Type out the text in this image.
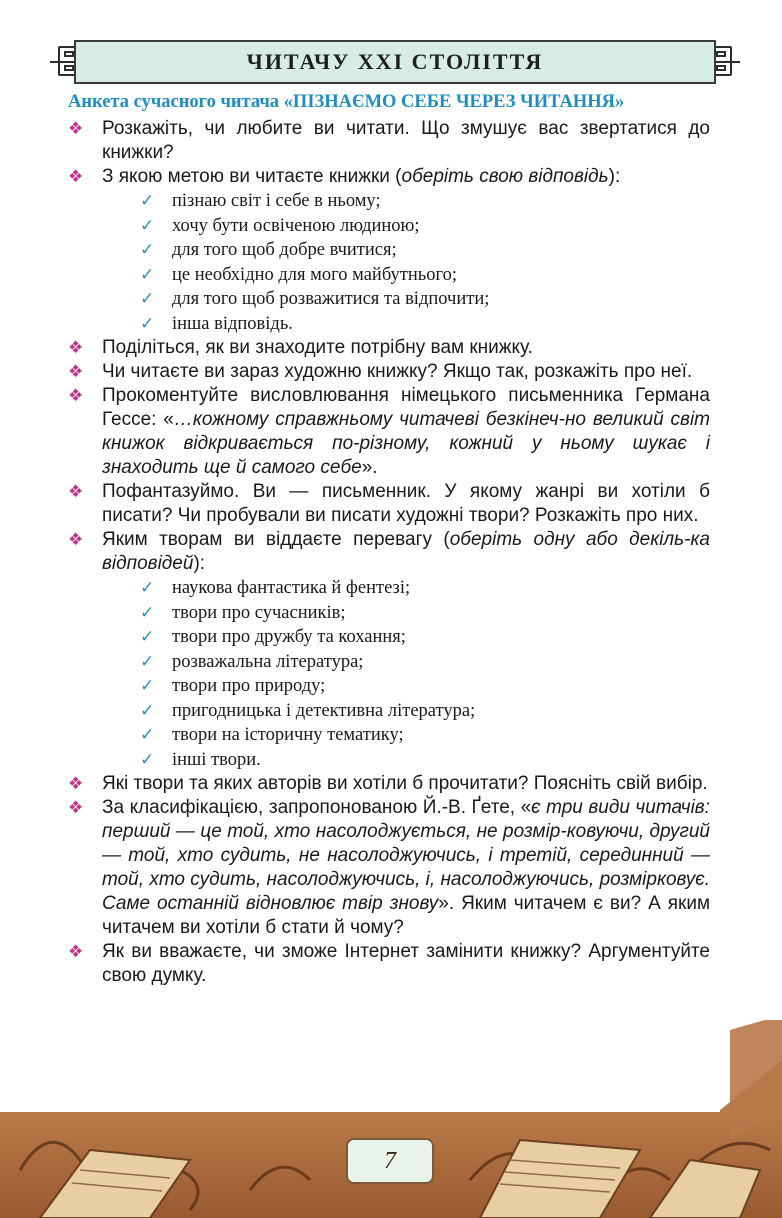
ЧИТАЧУ XXI СТОЛІТТЯ

Анкета сучасного читача «ПІЗНАЄМО СЕБЕ ЧЕРЕЗ ЧИТАННЯ»

❖ Розкажіть, чи любите ви читати. Що змушує вас звертатися до книжки?
❖ З якою метою ви читаєте книжки (оберіть свою відповідь):
✓ пізнаю світ і себе в ньому;
✓ хочу бути освіченою людиною;
✓ для того щоб добре вчитися;
✓ це необхідно для мого майбутнього;
✓ для того щоб розважитися та відпочити;
✓ інша відповідь.
❖ Поділіться, як ви знаходите потрібну вам книжку.
❖ Чи читаєте ви зараз художню книжку? Якщо так, розкажіть про неї.
❖ Прокоментуйте висловлювання німецького письменника Германа Гессе: «…кожному справжньому читачеві безкінеч-но великий світ книжок відкривається по-різному, кожний у ньому шукає і знаходить ще й самого себе».
❖ Пофантазуймо. Ви — письменник. У якому жанрі ви хотіли б писати? Чи пробували ви писати художні твори? Розкажіть про них.
❖ Яким творам ви віддаєте перевагу (оберіть одну або декіль-ка відповідей):
✓ наукова фантастика й фентезі;
✓ твори про сучасників;
✓ твори про дружбу та кохання;
✓ розважальна література;
✓ твори про природу;
✓ пригодницька і детективна література;
✓ твори на історичну тематику;
✓ інші твори.
❖ Які твори та яких авторів ви хотіли б прочитати? Поясніть свій вибір.
❖ За класифікацією, запропонованою Й.-В. Ґете, «є три види читачів: перший — це той, хто насолоджується, не розмір-ковуючи, другий — той, хто судить, не насолоджуючись, і третій, серединний — той, хто судить, насолоджуючись, і, насолоджуючись, розмірковує. Саме останній відновлює твір знову». Яким читачем є ви? А яким читачем ви хотіли б стати й чому?
❖ Як ви вважаєте, чи зможе Інтернет замінити книжку? Аргументуйте свою думку.
7
